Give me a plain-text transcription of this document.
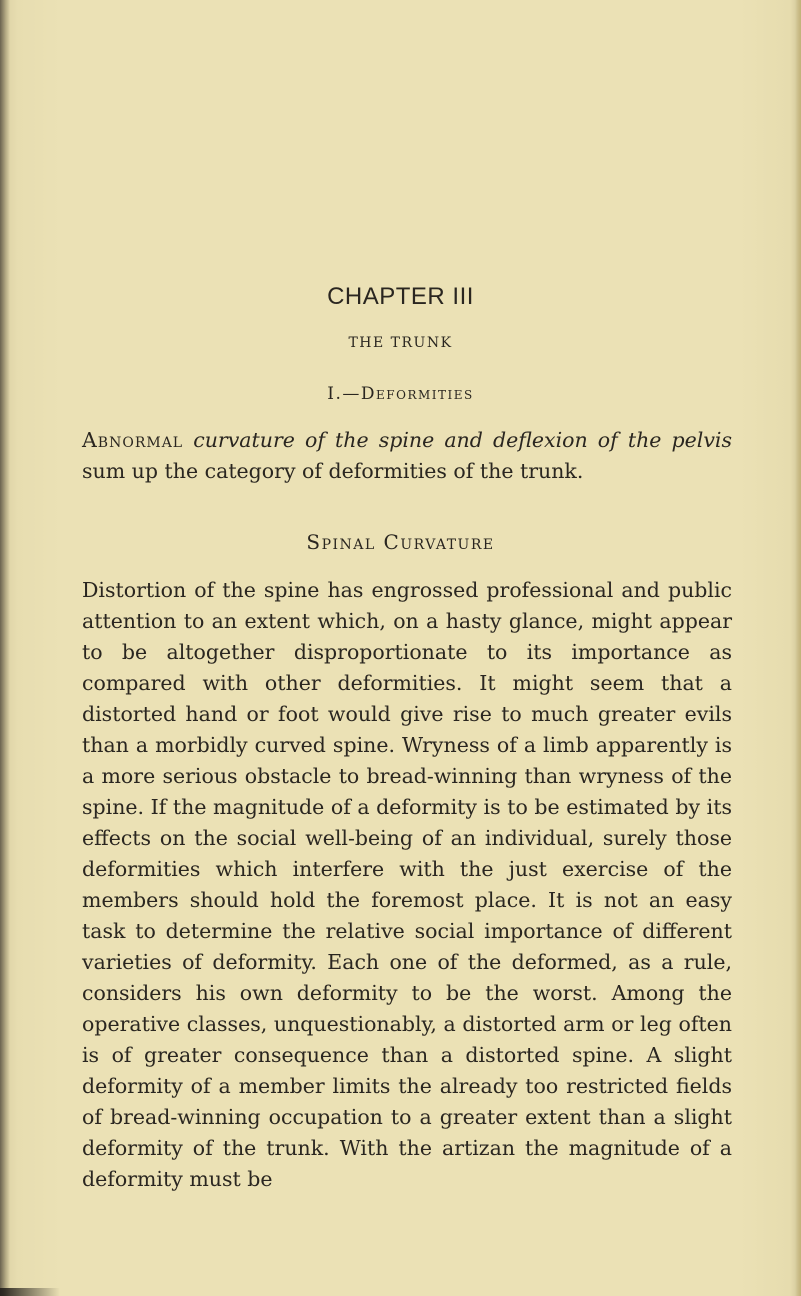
CHAPTER III
THE TRUNK
I.—Deformities

Abnormal curvature of the spine and deflexion of the pelvis sum up the category of deformities of the trunk.

Spinal Curvature

Distortion of the spine has engrossed professional and public attention to an extent which, on a hasty glance, might appear to be altogether disproportionate to its importance as compared with other deformities. It might seem that a distorted hand or foot would give rise to much greater evils than a morbidly curved spine. Wryness of a limb apparently is a more serious obstacle to bread-winning than wryness of the spine. If the magnitude of a deformity is to be estimated by its effects on the social well-being of an individual, surely those deformities which interfere with the just exercise of the members should hold the foremost place. It is not an easy task to determine the relative social importance of different varieties of deformity. Each one of the deformed, as a rule, considers his own deformity to be the worst. Among the operative classes, unquestionably, a distorted arm or leg often is of greater consequence than a distorted spine. A slight deformity of a member limits the already too restricted fields of bread-winning occupation to a greater extent than a slight deformity of the trunk. With the artizan the magnitude of a deformity must be
